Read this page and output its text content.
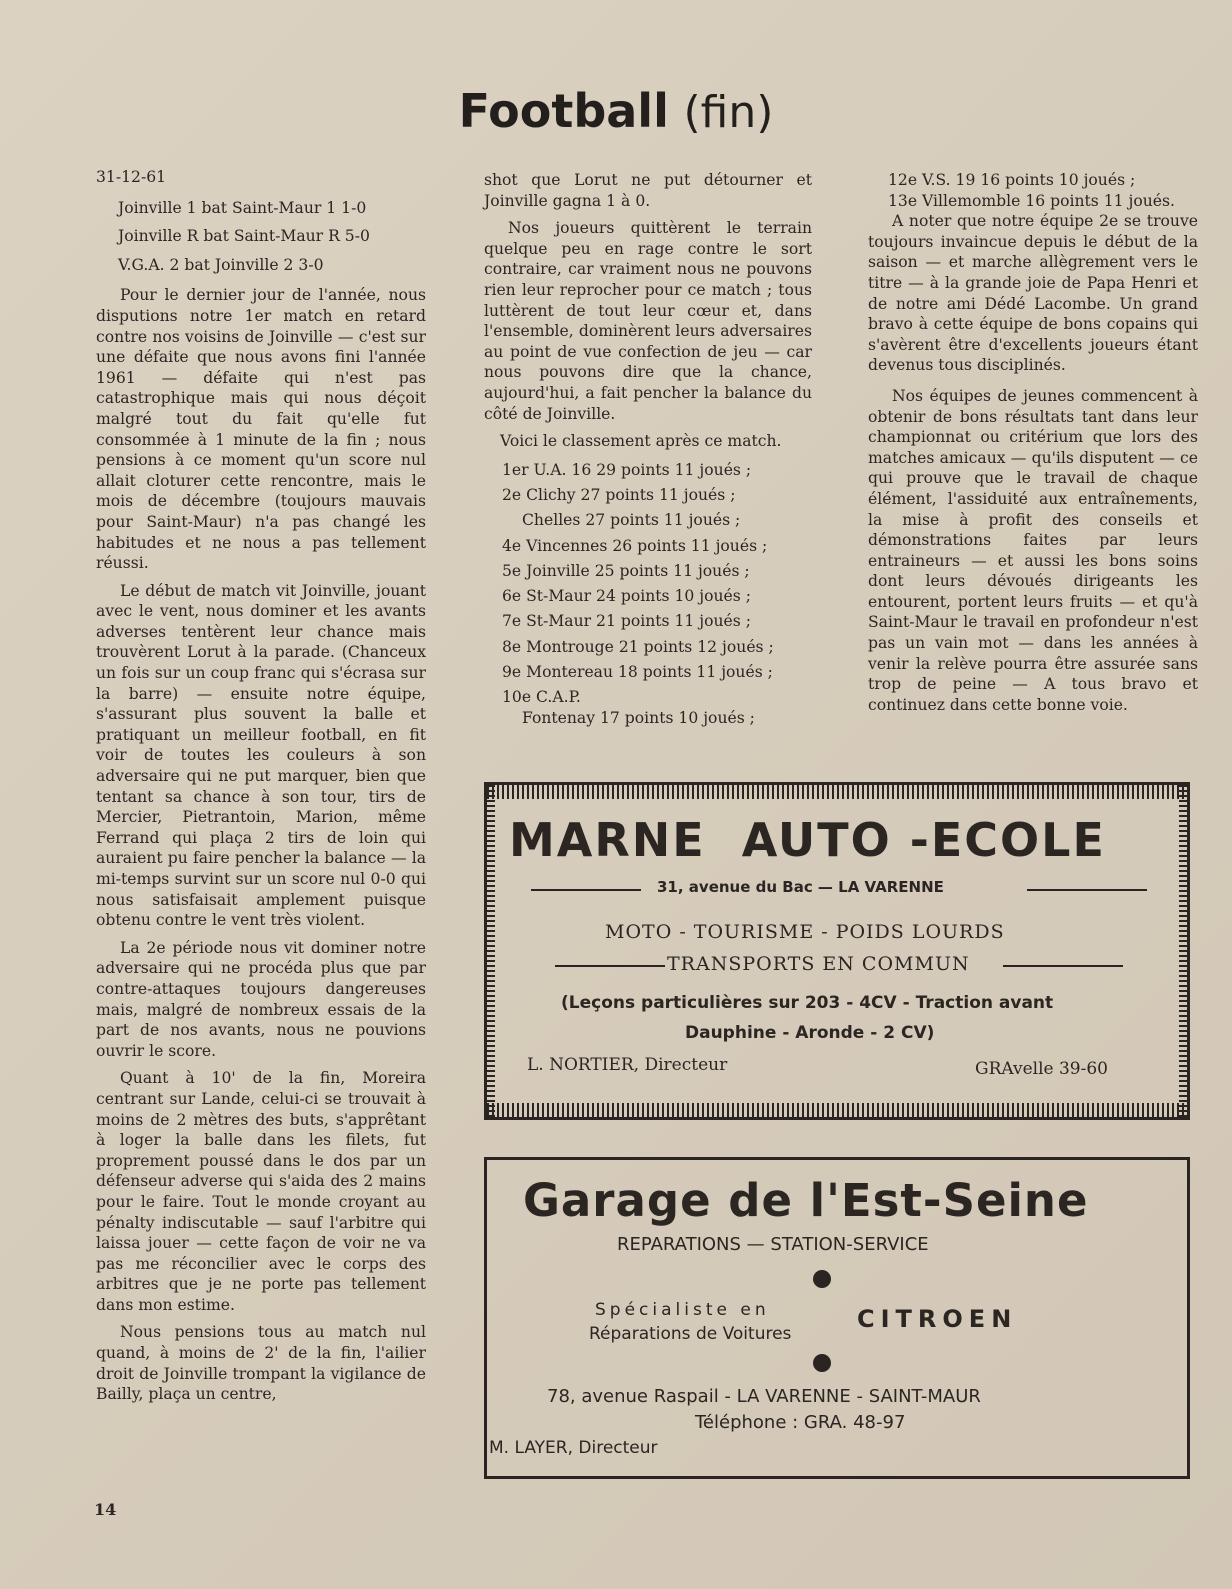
Football (fin)

31-12-61

Joinville 1 bat Saint-Maur 1 1-0
Joinville R bat Saint-Maur R 5-0
V.G.A. 2 bat Joinville 2 3-0

Pour le dernier jour de l'année, nous disputions notre 1er match en retard contre nos voisins de Joinville — c'est sur une défaite que nous avons fini l'année 1961 — défaite qui n'est pas catastrophique mais qui nous déçoit malgré tout du fait qu'elle fut consommée à 1 minute de la fin ; nous pensions à ce moment qu'un score nul allait cloturer cette rencontre, mais le mois de décembre (toujours mauvais pour Saint-Maur) n'a pas changé les habitudes et ne nous a pas tellement réussi.

Le début de match vit Joinville, jouant avec le vent, nous dominer et les avants adverses tentèrent leur chance mais trouvèrent Lorut à la parade. (Chanceux un fois sur un coup franc qui s'écrasa sur la barre) — ensuite notre équipe, s'assurant plus souvent la balle et pratiquant un meilleur football, en fit voir de toutes les couleurs à son adversaire qui ne put marquer, bien que tentant sa chance à son tour, tirs de Mercier, Pietrantoin, Marion, même Ferrand qui plaça 2 tirs de loin qui auraient pu faire pencher la balance — la mi-temps survint sur un score nul 0-0 qui nous satisfaisait amplement puisque obtenu contre le vent très violent.

La 2e période nous vit dominer notre adversaire qui ne procéda plus que par contre-attaques toujours dangereuses mais, malgré de nombreux essais de la part de nos avants, nous ne pouvions ouvrir le score.

Quant à 10' de la fin, Moreira centrant sur Lande, celui-ci se trouvait à moins de 2 mètres des buts, s'apprêtant à loger la balle dans les filets, fut proprement poussé dans le dos par un défenseur adverse qui s'aida des 2 mains pour le faire. Tout le monde croyant au pénalty indiscutable — sauf l'arbitre qui laissa jouer — cette façon de voir ne va pas me réconcilier avec le corps des arbitres que je ne porte pas tellement dans mon estime.

Nous pensions tous au match nul quand, à moins de 2' de la fin, l'ailier droit de Joinville trompant la vigilance de Bailly, plaça un centre,

shot que Lorut ne put détourner et Joinville gagna 1 à 0.

Nos joueurs quittèrent le terrain quelque peu en rage contre le sort contraire, car vraiment nous ne pouvons rien leur reprocher pour ce match ; tous luttèrent de tout leur cœur et, dans l'ensemble, dominèrent leurs adversaires au point de vue confection de jeu — car nous pouvons dire que la chance, aujourd'hui, a fait pencher la balance du côté de Joinville.

Voici le classement après ce match.

1er U.A. 16 29 points 11 joués ;
2e Clichy 27 points 11 joués ;
Chelles 27 points 11 joués ;
4e Vincennes 26 points 11 joués ;
5e Joinville 25 points 11 joués ;
6e St-Maur 24 points 10 joués ;
7e St-Maur 21 points 11 joués ;
8e Montrouge 21 points 12 joués ;
9e Montereau 18 points 11 joués ;
10e C.A.P.
Fontenay 17 points 10 joués ;
12e V.S. 19 16 points 10 joués ;
13e Villemomble 16 points 11 joués.

A noter que notre équipe 2e se trouve toujours invaincue depuis le début de la saison — et marche allègrement vers le titre — à la grande joie de Papa Henri et de notre ami Dédé Lacombe. Un grand bravo à cette équipe de bons copains qui s'avèrent être d'excellents joueurs étant devenus tous disciplinés.

Nos équipes de jeunes commencent à obtenir de bons résultats tant dans leur championnat ou critérium que lors des matches amicaux — qu'ils disputent — ce qui prouve que le travail de chaque élément, l'assiduité aux entraînements, la mise à profit des conseils et démonstrations faites par leurs entraineurs — et aussi les bons soins dont leurs dévoués dirigeants les entourent, portent leurs fruits — et qu'à Saint-Maur le travail en profondeur n'est pas un vain mot — dans les années à venir la relève pourra être assurée sans trop de peine — A tous bravo et continuez dans cette bonne voie.

MARNE  AUTO -ECOLE
31, avenue du Bac — LA VARENNE
MOTO - TOURISME - POIDS LOURDS
TRANSPORTS EN COMMUN
(Leçons particulières sur 203 - 4CV - Traction avant
Dauphine - Aronde - 2 CV)
L. NORTIER, Directeur	GRAvelle 39-60
Garage de l'Est-Seine
REPARATIONS — STATION-SERVICE
Spécialiste en
Réparations de Voitures
CITROEN
78, avenue Raspail - LA VARENNE - SAINT-MAUR
Téléphone : GRA. 48-97
M. LAYER, Directeur
14
